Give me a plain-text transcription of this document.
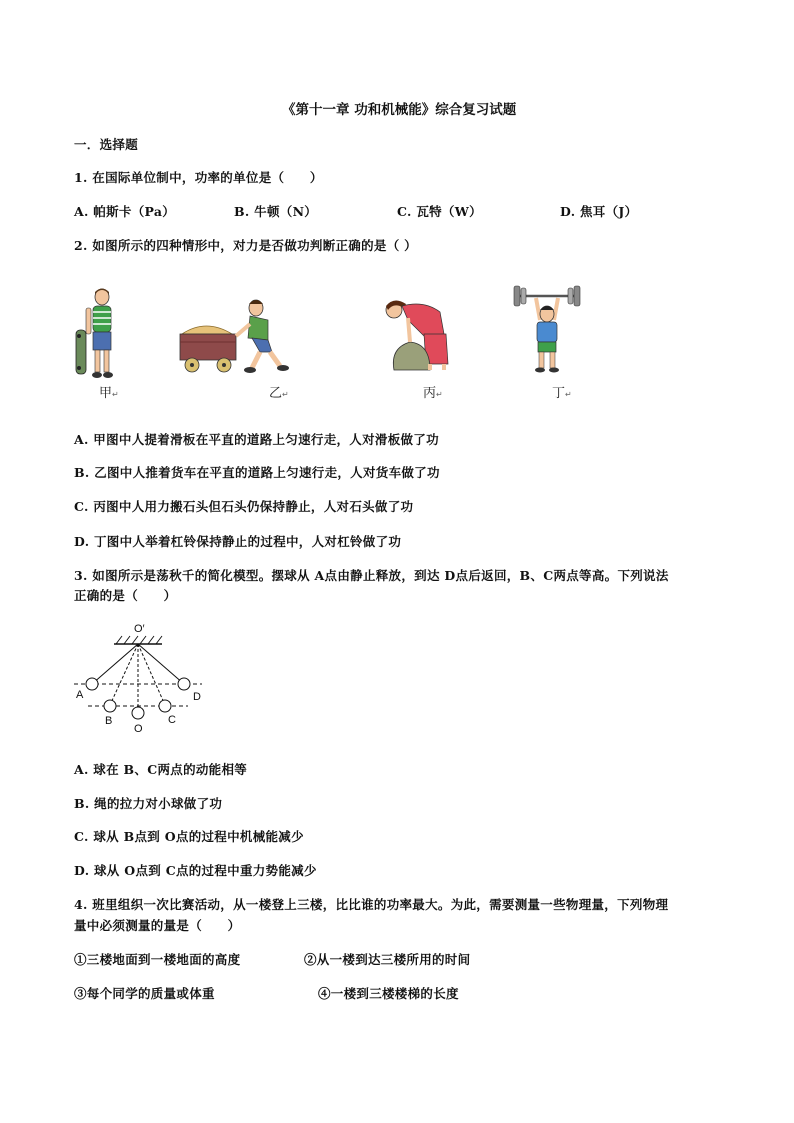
《第十一章 功和机械能》综合复习试题
一．选择题
1. 在国际单位制中，功率的单位是（　　）
A. 帕斯卡（Pa）	B. 牛顿（N）	C. 瓦特（W）	D. 焦耳（J）
2. 如图所示的四种情形中，对力是否做功判断正确的是（ ）
甲↵	乙↵	丙↵	丁↵
A. 甲图中人提着滑板在平直的道路上匀速行走，人对滑板做了功
B. 乙图中人推着货车在平直的道路上匀速行走，人对货车做了功
C. 丙图中人用力搬石头但石头仍保持静止，人对石头做了功
D. 丁图中人举着杠铃保持静止的过程中，人对杠铃做了功
3. 如图所示是荡秋千的简化模型。摆球从 A点由静止释放，到达 D点后返回，B、C两点等高。下列说法
正确的是（　　）
O′
A
B
O
C
D
A. 球在 B、C两点的动能相等
B. 绳的拉力对小球做了功
C. 球从 B点到 O点的过程中机械能减少
D. 球从 O点到 C点的过程中重力势能减少
4. 班里组织一次比赛活动，从一楼登上三楼，比比谁的功率最大。为此，需要测量一些物理量，下列物理
量中必须测量的量是（　　）
①三楼地面到一楼地面的高度	②从一楼到达三楼所用的时间
③每个同学的质量或体重	④一楼到三楼楼梯的长度
